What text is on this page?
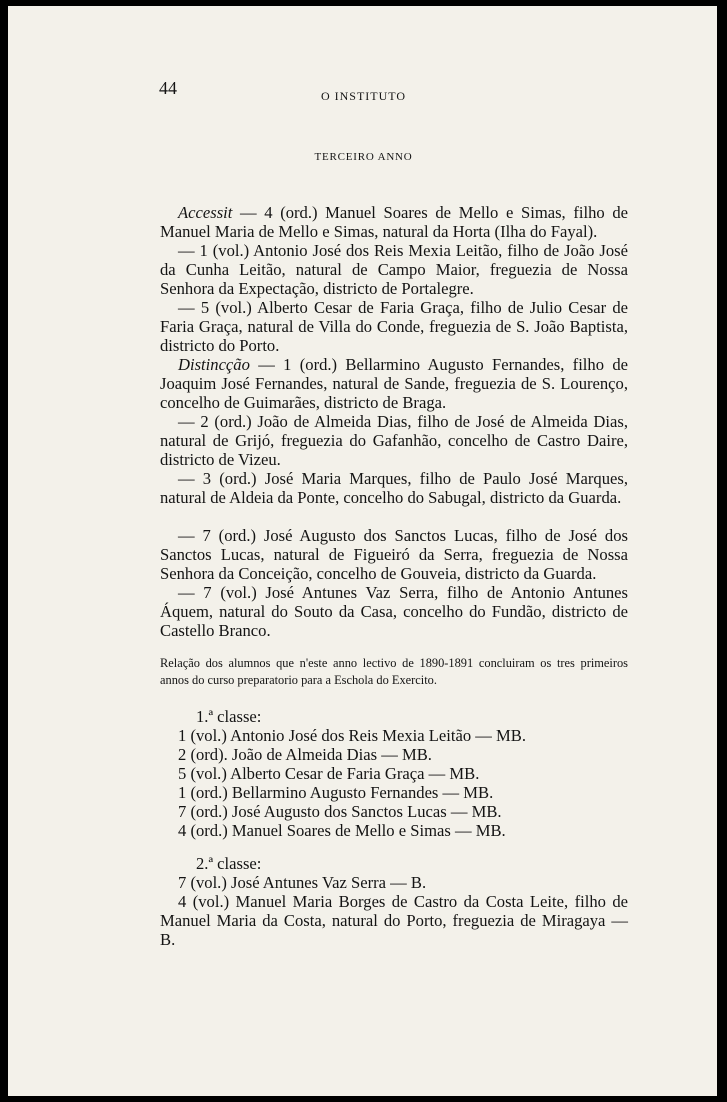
44	O INSTITUTO
TERCEIRO ANNO
Accessit — 4 (ord.) Manuel Soares de Mello e Simas, filho de Manuel Maria de Mello e Simas, natural da Horta (Ilha do Fayal).
— 1 (vol.) Antonio José dos Reis Mexia Leitão, filho de João José da Cunha Leitão, natural de Campo Maior, freguezia de Nossa Senhora da Expectação, districto de Portalegre.
— 5 (vol.) Alberto Cesar de Faria Graça, filho de Julio Cesar de Faria Graça, natural de Villa do Conde, freguezia de S. João Baptista, districto do Porto.
Distincção — 1 (ord.) Bellarmino Augusto Fernandes, filho de Joaquim José Fernandes, natural de Sande, freguezia de S. Lourenço, concelho de Guimarães, districto de Braga.
— 2 (ord.) João de Almeida Dias, filho de José de Almeida Dias, natural de Grijó, freguezia do Gafanhão, concelho de Castro Daire, districto de Vizeu.
— 3 (ord.) José Maria Marques, filho de Paulo José Marques, natural de Aldeia da Ponte, concelho do Sabugal, districto da Guarda.
— 7 (ord.) José Augusto dos Sanctos Lucas, filho de José dos Sanctos Lucas, natural de Figueiró da Serra, freguezia de Nossa Senhora da Conceição, concelho de Gouveia, districto da Guarda.
— 7 (vol.) José Antunes Vaz Serra, filho de Antonio Antunes Áquem, natural do Souto da Casa, concelho do Fundão, districto de Castello Branco.
Relação dos alumnos que n'este anno lectivo de 1890-1891 concluiram os tres primeiros annos do curso preparatorio para a Eschola do Exercito.
1.ª classe:
1 (vol.) Antonio José dos Reis Mexia Leitão — MB.
2 (ord). João de Almeida Dias — MB.
5 (vol.) Alberto Cesar de Faria Graça — MB.
1 (ord.) Bellarmino Augusto Fernandes — MB.
7 (ord.) José Augusto dos Sanctos Lucas — MB.
4 (ord.) Manuel Soares de Mello e Simas — MB.
2.ª classe:
7 (vol.) José Antunes Vaz Serra — B.
4 (vol.) Manuel Maria Borges de Castro da Costa Leite, filho de Manuel Maria da Costa, natural do Porto, freguezia de Miragaya — B.
